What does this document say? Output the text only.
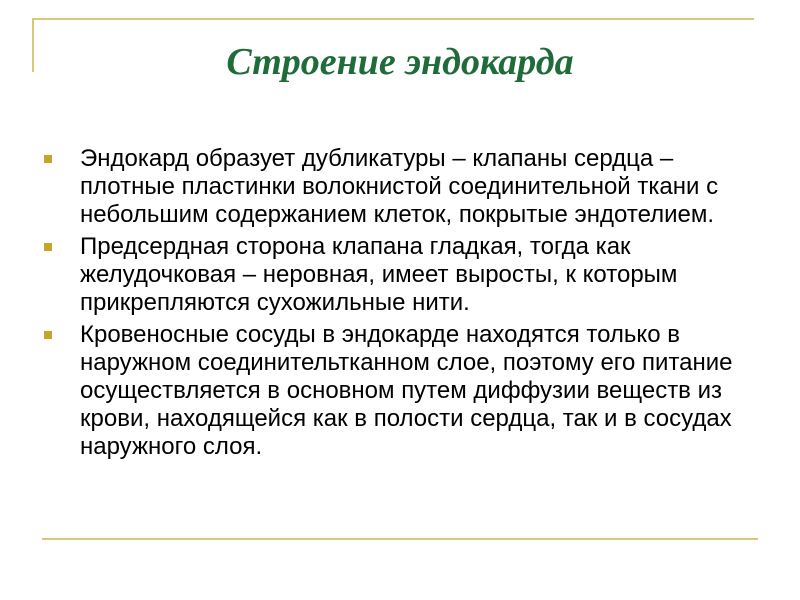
Строение эндокарда
Эндокард образует дубликатуры – клапаны сердца – плотные пластинки волокнистой соединительной ткани с небольшим содержанием клеток, покрытые эндотелием.
Предсердная сторона клапана гладкая, тогда как желудочковая – неровная, имеет выросты, к которым прикрепляются сухожильные нити.
Кровеносные сосуды в эндокарде находятся только в наружном соединительтканном слое, поэтому его питание осуществляется в основном путем диффузии веществ из крови, находящейся как в полости сердца, так и в сосудах наружного слоя.
